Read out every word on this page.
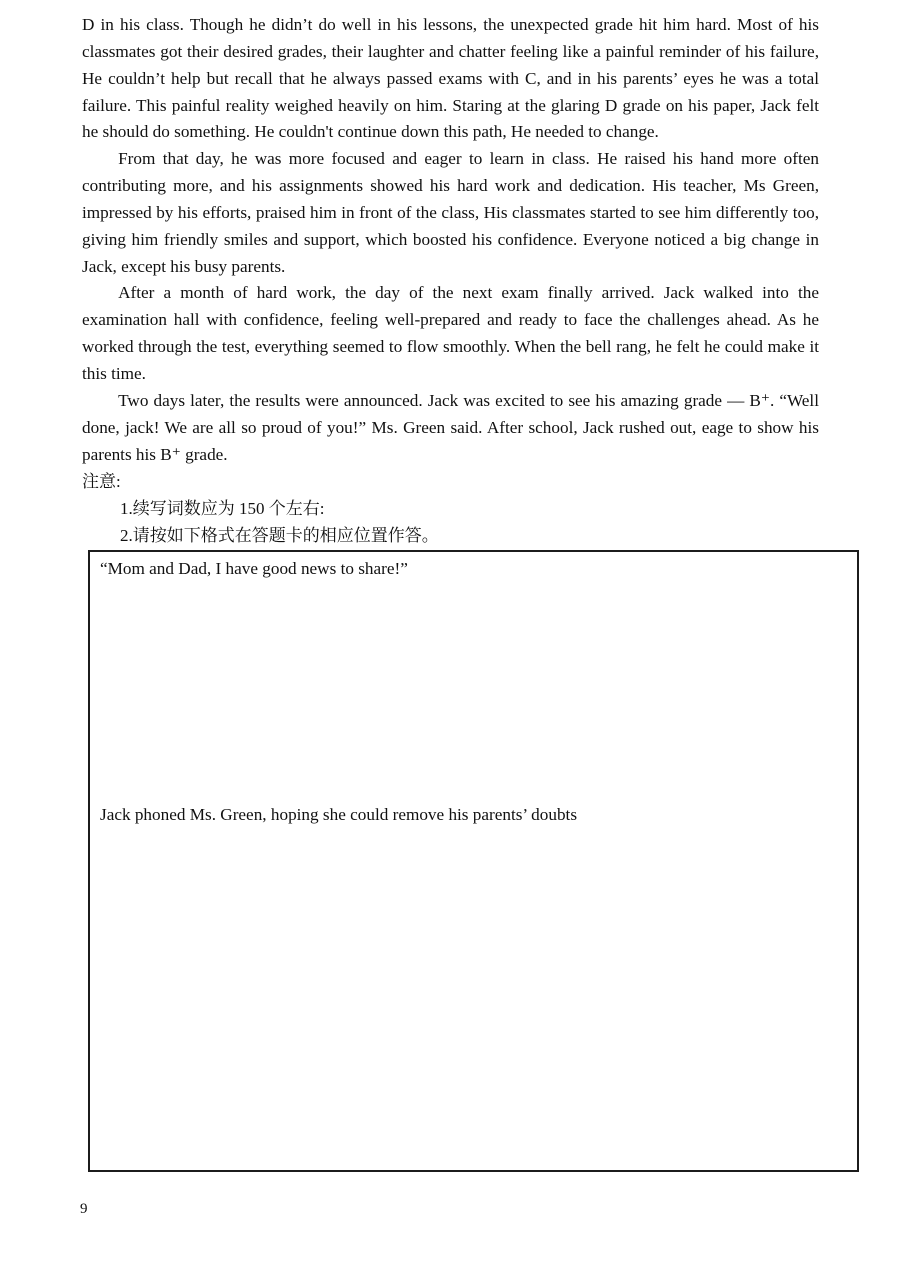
D in his class. Though he didn’t do well in his lessons, the unexpected grade hit him hard. Most of his classmates got their desired grades, their laughter and chatter feeling like a painful reminder of his failure, He couldn’t help but recall that he always passed exams with C, and in his parents’ eyes he was a total failure. This painful reality weighed heavily on him. Staring at the glaring D grade on his paper, Jack felt he should do something. He couldn't continue down this path, He needed to change.

From that day, he was more focused and eager to learn in class. He raised his hand more often contributing more, and his assignments showed his hard work and dedication. His teacher, Ms Green, impressed by his efforts, praised him in front of the class, His classmates started to see him differently too, giving him friendly smiles and support, which boosted his confidence. Everyone noticed a big change in Jack, except his busy parents.

After a month of hard work, the day of the next exam finally arrived. Jack walked into the examination hall with confidence, feeling well-prepared and ready to face the challenges ahead. As he worked through the test, everything seemed to flow smoothly. When the bell rang, he felt he could make it this time.

Two days later, the results were announced. Jack was excited to see his amazing grade — B⁺. “Well done, jack! We are all so proud of you!” Ms. Green said. After school, Jack rushed out, eage to show his parents his B⁺ grade.

注意:

1.续写词数应为 150 个左右:

2.请按如下格式在答题卡的相应位置作答。

“Mom and Dad, I have good news to share!”

Jack phoned Ms. Green, hoping she could remove his parents’ doubts

9
